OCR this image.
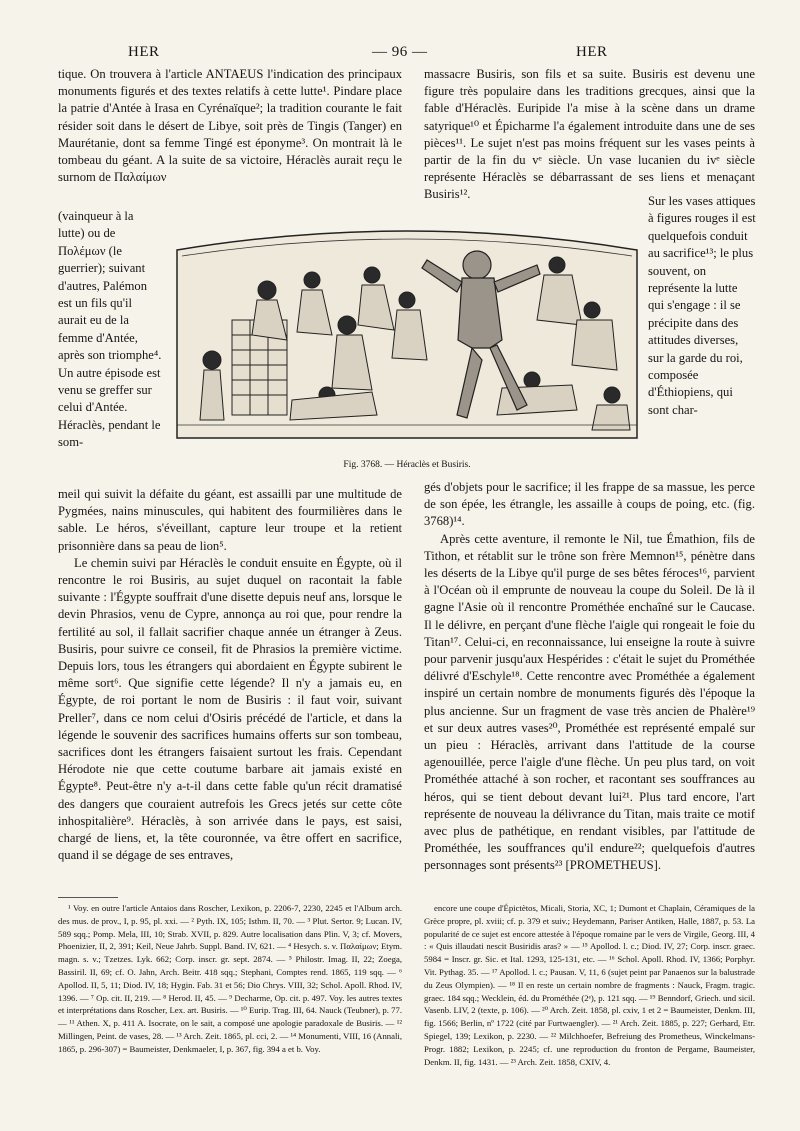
HER	— 96 —	HER

tique. On trouvera à l'article ANTAEUS l'indication des principaux monuments figurés et des textes relatifs à cette lutte¹. Pindare place la patrie d'Antée à Irasa en Cyrénaïque²; la tradition courante le fait résider soit dans le désert de Libye, soit près de Tingis (Tanger) en Maurétanie, dont sa femme Tingé est éponyme³. On montrait là le tombeau du géant. A la suite de sa victoire, Héraclès aurait reçu le surnom de Παλαίμων

(vainqueur à la lutte) ou de Πολέμων (le guerrier); suivant d'autres, Palémon est un fils qu'il aurait eu de la femme d'Antée, après son triomphe⁴. Un autre épisode est venu se greffer sur celui d'Antée. Héraclès, pendant le som-

Fig. 3768. — Héraclès et Busiris.

massacre Busiris, son fils et sa suite. Busiris est devenu une figure très populaire dans les traditions grecques, ainsi que la fable d'Héraclès. Euripide l'a mise à la scène dans un drame satyrique¹⁰ et Épicharme l'a également introduite dans une de ses pièces¹¹. Le sujet n'est pas moins fréquent sur les vases peints à partir de la fin du vᵉ siècle. Un vase lucanien du ivᵉ siècle représente Héraclès se débarrassant de ses liens et menaçant Busiris¹².	Sur les vases attiques à figures rouges il est quelquefois conduit au sacrifice¹³; le plus souvent, on représente la lutte qui s'engage : il se précipite dans des attitudes diverses, sur la garde du roi, composée d'Éthiopiens, qui sont char-

meil qui suivit la défaite du géant, est assailli par une multitude de Pygmées, nains minuscules, qui habitent des fourmilières dans le sable. Le héros, s'éveillant, capture leur troupe et la retient prisonnière dans sa peau de lion⁵.

Le chemin suivi par Héraclès le conduit ensuite en Égypte, où il rencontre le roi Busiris, au sujet duquel on racontait la fable suivante : l'Égypte souffrait d'une disette depuis neuf ans, lorsque le devin Phrasios, venu de Cypre, annonça au roi que, pour rendre la fertilité au sol, il fallait sacrifier chaque année un étranger à Zeus. Busiris, pour suivre ce conseil, fit de Phrasios la première victime. Depuis lors, tous les étrangers qui abordaient en Égypte subirent le même sort⁶. Que signifie cette légende? Il n'y a jamais eu, en Égypte, de roi portant le nom de Busiris : il faut voir, suivant Preller⁷, dans ce nom celui d'Osiris précédé de l'article, et dans la légende le souvenir des sacrifices humains offerts sur son tombeau, sacrifices dont les étrangers faisaient surtout les frais. Cependant Hérodote nie que cette coutume barbare ait jamais existé en Égypte⁸. Peut-être n'y a-t-il dans cette fable qu'un récit dramatisé des dangers que couraient autrefois les Grecs jetés sur cette côte inhospitalière⁹. Héraclès, à son arrivée dans le pays, est saisi, chargé de liens, et, la tête couronnée, va être offert en sacrifice, quand il se dégage de ses entraves,

gés d'objets pour le sacrifice; il les frappe de sa massue, les perce de son épée, les étrangle, les assaille à coups de poing, etc. (fig. 3768)¹⁴.

Après cette aventure, il remonte le Nil, tue Émathion, fils de Tithon, et rétablit sur le trône son frère Memnon¹⁵, pénètre dans les déserts de la Libye qu'il purge de ses bêtes féroces¹⁶, parvient à l'Océan où il emprunte de nouveau la coupe du Soleil. De là il gagne l'Asie où il rencontre Prométhée enchaîné sur le Caucase. Il le délivre, en perçant d'une flèche l'aigle qui rongeait le foie du Titan¹⁷. Celui-ci, en reconnaissance, lui enseigne la route à suivre pour parvenir jusqu'aux Hespérides : c'était le sujet du Prométhée délivré d'Eschyle¹⁸. Cette rencontre avec Prométhée a également inspiré un certain nombre de monuments figurés dès l'époque la plus ancienne. Sur un fragment de vase très ancien de Phalère¹⁹ et sur deux autres vases²⁰, Prométhée est représenté empalé sur un pieu : Héraclès, arrivant dans l'attitude de la course agenouillée, perce l'aigle d'une flèche. Un peu plus tard, on voit Prométhée attaché à son rocher, et racontant ses souffrances au héros, qui se tient debout devant lui²¹. Plus tard encore, l'art représente de nouveau la délivrance du Titan, mais traite ce motif avec plus de pathétique, en rendant visibles, par l'attitude de Prométhée, les souffrances qu'il endure²²; quelquefois d'autres personnages sont présents²³ [PROMETHEUS].

¹ Voy. en outre l'article Antaios dans Roscher, Lexikon, p. 2206-7, 2230, 2245 et l'Album arch. des mus. de prov., I, p. 95, pl. xxi. — ² Pyth. IX, 105; Isthm. II, 70. — ³ Plut. Sertor. 9; Lucan. IV, 589 sqq.; Pomp. Mela, III, 10; Strab. XVII, p. 829. Autre localisation dans Plin. V, 3; cf. Movers, Phoenizier, II, 2, 391; Keil, Neue Jahrb. Suppl. Band. IV, 621. — ⁴ Hesych. s. v. Παλαίμων; Etym. magn. s. v.; Tzetzes. Lyk. 662; Corp. inscr. gr. sept. 2874. — ⁵ Philostr. Imag. II, 22; Zoega, Bassiril. II, 69; cf. O. Jahn, Arch. Beitr. 418 sqq.; Stephani, Comptes rend. 1865, 119 sqq. — ⁶ Apollod. II, 5, 11; Diod. IV, 18; Hygin. Fab. 31 et 56; Dio Chrys. VIII, 32; Schol. Apoll. Rhod. IV, 1396. — ⁷ Op. cit. II, 219. — ⁸ Herod. II, 45. — ⁹ Decharme, Op. cit. p. 497. Voy. les autres textes et interprétations dans Roscher, Lex. art. Busiris. — ¹⁰ Eurip. Trag. III, 64. Nauck (Teubner), p. 77. — ¹¹ Athen. X, p. 411 A. Isocrate, on le sait, a composé une apologie paradoxale de Busiris. — ¹² Millingen, Peint. de vases, 28. — ¹³ Arch. Zeit. 1865, pl. cci, 2. — ¹⁴ Monumenti, VIII, 16 (Annali, 1865, p. 296-307) = Baumeister, Denkmaeler, I, p. 367, fig. 394 a et b. Voy.

encore une coupe d'Épictètos, Micali, Storia, XC, 1; Dumont et Chaplain, Céramiques de la Grèce propre, pl. xviii; cf. p. 379 et suiv.; Heydemann, Pariser Antiken, Halle, 1887, p. 53. La popularité de ce sujet est encore attestée à l'époque romaine par le vers de Virgile, Georg. III, 4 : « Quis illaudati nescit Busiridis aras? » — ¹⁵ Apollod. l. c.; Diod. IV, 27; Corp. inscr. graec. 5984 = Inscr. gr. Sic. et Ital. 1293, 125-131, etc. — ¹⁶ Schol. Apoll. Rhod. IV, 1366; Porphyr. Vit. Pythag. 35. — ¹⁷ Apollod. l. c.; Pausan. V, 11, 6 (sujet peint par Panaenos sur la balustrade du Zeus Olympien). — ¹⁸ Il en reste un certain nombre de fragments : Nauck, Fragm. tragic. graec. 184 sqq.; Wecklein, éd. du Prométhée (2ᵉ), p. 121 sqq. — ¹⁹ Benndorf, Griech. und sicil. Vasenb. LIV, 2 (texte, p. 106). — ²⁰ Arch. Zeit. 1858, pl. cxiv, 1 et 2 = Baumeister, Denkm. III, fig. 1566; Berlin, nº 1722 (cité par Furtwaengler). — ²¹ Arch. Zeit. 1885, p. 227; Gerhard, Etr. Spiegel, 139; Lexikon, p. 2230. — ²² Milchhoefer, Befreiung des Prometheus, Winckelmans-Progr. 1882; Lexikon, p. 2245; cf. une reproduction du fronton de Pergame, Baumeister, Denkm. II, fig. 1431. — ²³ Arch. Zeit. 1858, CXIV, 4.
